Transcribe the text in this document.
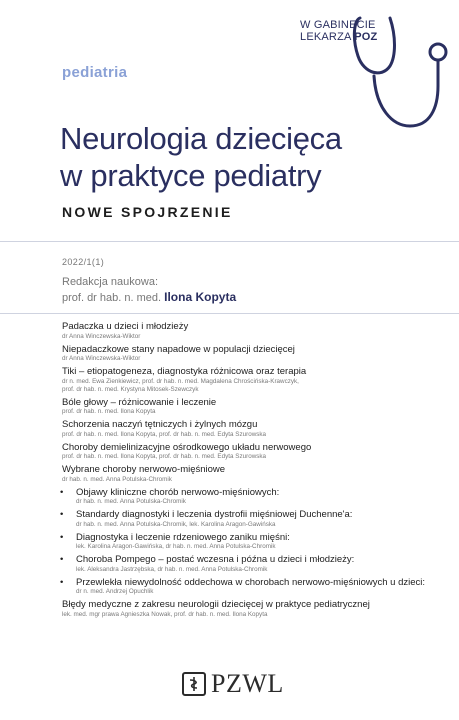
W GABINECIE
LEKARZA POZ
pediatria
Neurologia dziecięca
w praktyce pediatry
NOWE SPOJRZENIE
2022/1(1)
Redakcja naukowa:
prof. dr hab. n. med. Ilona Kopyta
Padaczka u dzieci i młodzieży
dr Anna Winczewska-Wiktor
Niepadaczkowe stany napadowe w populacji dziecięcej
dr Anna Winczewska-Wiktor
Tiki – etiopatogeneza, diagnostyka różnicowa oraz terapia
dr n. med. Ewa Zienkiewicz, prof. dr hab. n. med. Magdalena Chrościńska-Krawczyk,
prof. dr hab. n. med. Krystyna Mitosek-Szewczyk
Bóle głowy – różnicowanie i leczenie
prof. dr hab. n. med. Ilona Kopyta
Schorzenia naczyń tętniczych i żylnych mózgu
prof. dr hab. n. med. Ilona Kopyta, prof. dr hab. n. med. Edyta Szurowska
Choroby demielinizacyjne ośrodkowego układu nerwowego
prof. dr hab. n. med. Ilona Kopyta, prof. dr hab. n. med. Edyta Szurowska
Wybrane choroby nerwowo-mięśniowe
dr hab. n. med. Anna Potulska-Chromik
• Objawy kliniczne chorób nerwowo-mięśniowych:
dr hab. n. med. Anna Potulska-Chromik
• Standardy diagnostyki i leczenia dystrofii mięśniowej Duchenne'a:
dr hab. n. med. Anna Potulska-Chromik, lek. Karolina Aragon-Gawińska
• Diagnostyka i leczenie rdzeniowego zaniku mięśni:
lek. Karolina Aragon-Gawińska, dr hab. n. med. Anna Potulska-Chromik
• Choroba Pompego – postać wczesna i późna u dzieci i młodzieży:
lek. Aleksandra Jastrzębska, dr hab. n. med. Anna Potulska-Chromik
• Przewlekła niewydolność oddechowa w chorobach nerwowo-mięśniowych u dzieci:
dr n. med. Andrzej Opuchlik
Błędy medyczne z zakresu neurologii dziecięcej w praktyce pediatrycznej
lek. med. mgr prawa Agnieszka Nowak, prof. dr hab. n. med. Ilona Kopyta
PZWL
